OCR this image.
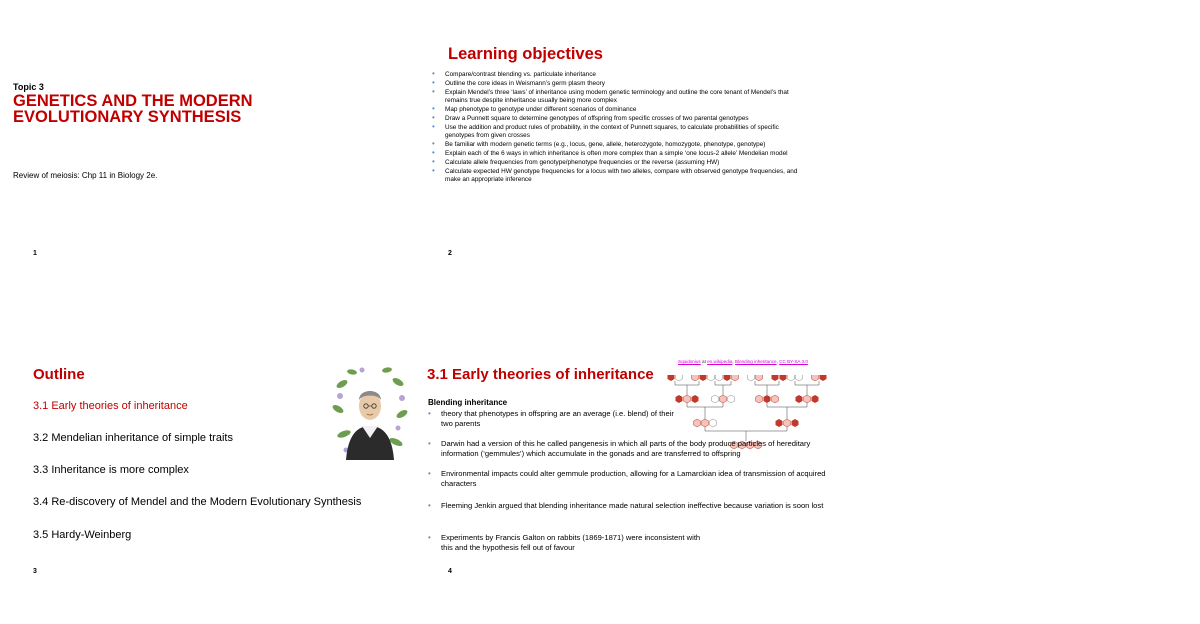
Topic 3
GENETICS AND THE MODERN
EVOLUTIONARY SYNTHESIS
Review of meiosis: Chp 11 in Biology 2e.
1
Learning objectives
• Compare/contrast blending vs. particulate inheritance
• Outline the core ideas in Weismann’s germ plasm theory
• Explain Mendel’s three ‘laws’ of inheritance using modern genetic terminology and outline the core tenant of Mendel’s that remains true despite inheritance usually being more complex
• Map phenotype to genotype under different scenarios of dominance
• Draw a Punnett square to determine genotypes of offspring from specific crosses of two parental genotypes
• Use the addition and product rules of probability, in the context of Punnett squares, to calculate probabilities of specific genotypes from given crosses
• Be familiar with modern genetic terms (e.g., locus, gene, allele, heterozygote, homozygote, phenotype, genotype)
• Explain each of the 6 ways in which inheritance is often more complex than a simple ‘one locus-2 allele’ Mendelian model
• Calculate allele frequencies from genotype/phenotype frequencies or the reverse (assuming HW)
• Calculate expected HW genotype frequencies for a locus with two alleles, compare with observed genotype frequencies, and make an appropriate inference
2
Outline
3.1 Early theories of inheritance
3.2 Mendelian inheritance of simple traits
3.3 Inheritance is more complex
3.4 Re-discovery of Mendel and the Modern Evolutionary Synthesis
3.5 Hardy-Weinberg
3
Squidonius at en.wikipedia, Blending inheritance, CC BY-SA 3.0
3.1 Early theories of inheritance
Blending inheritance
• theory that phenotypes in offspring are an average (i.e. blend) of their two parents
• Darwin had a version of this he called pangenesis in which all parts of the body produce particles of hereditary information (‘gemmules’) which accumulate in the gonads and are transferred to offspring
• Environmental impacts could alter gemmule production, allowing for a Lamarckian idea of transmission of acquired characters
• Fleeming Jenkin argued that blending inheritance made natural selection ineffective because variation is soon lost
• Experiments by Francis Galton on rabbits (1869-1871) were inconsistent with this and the hypothesis fell out of favour
4
